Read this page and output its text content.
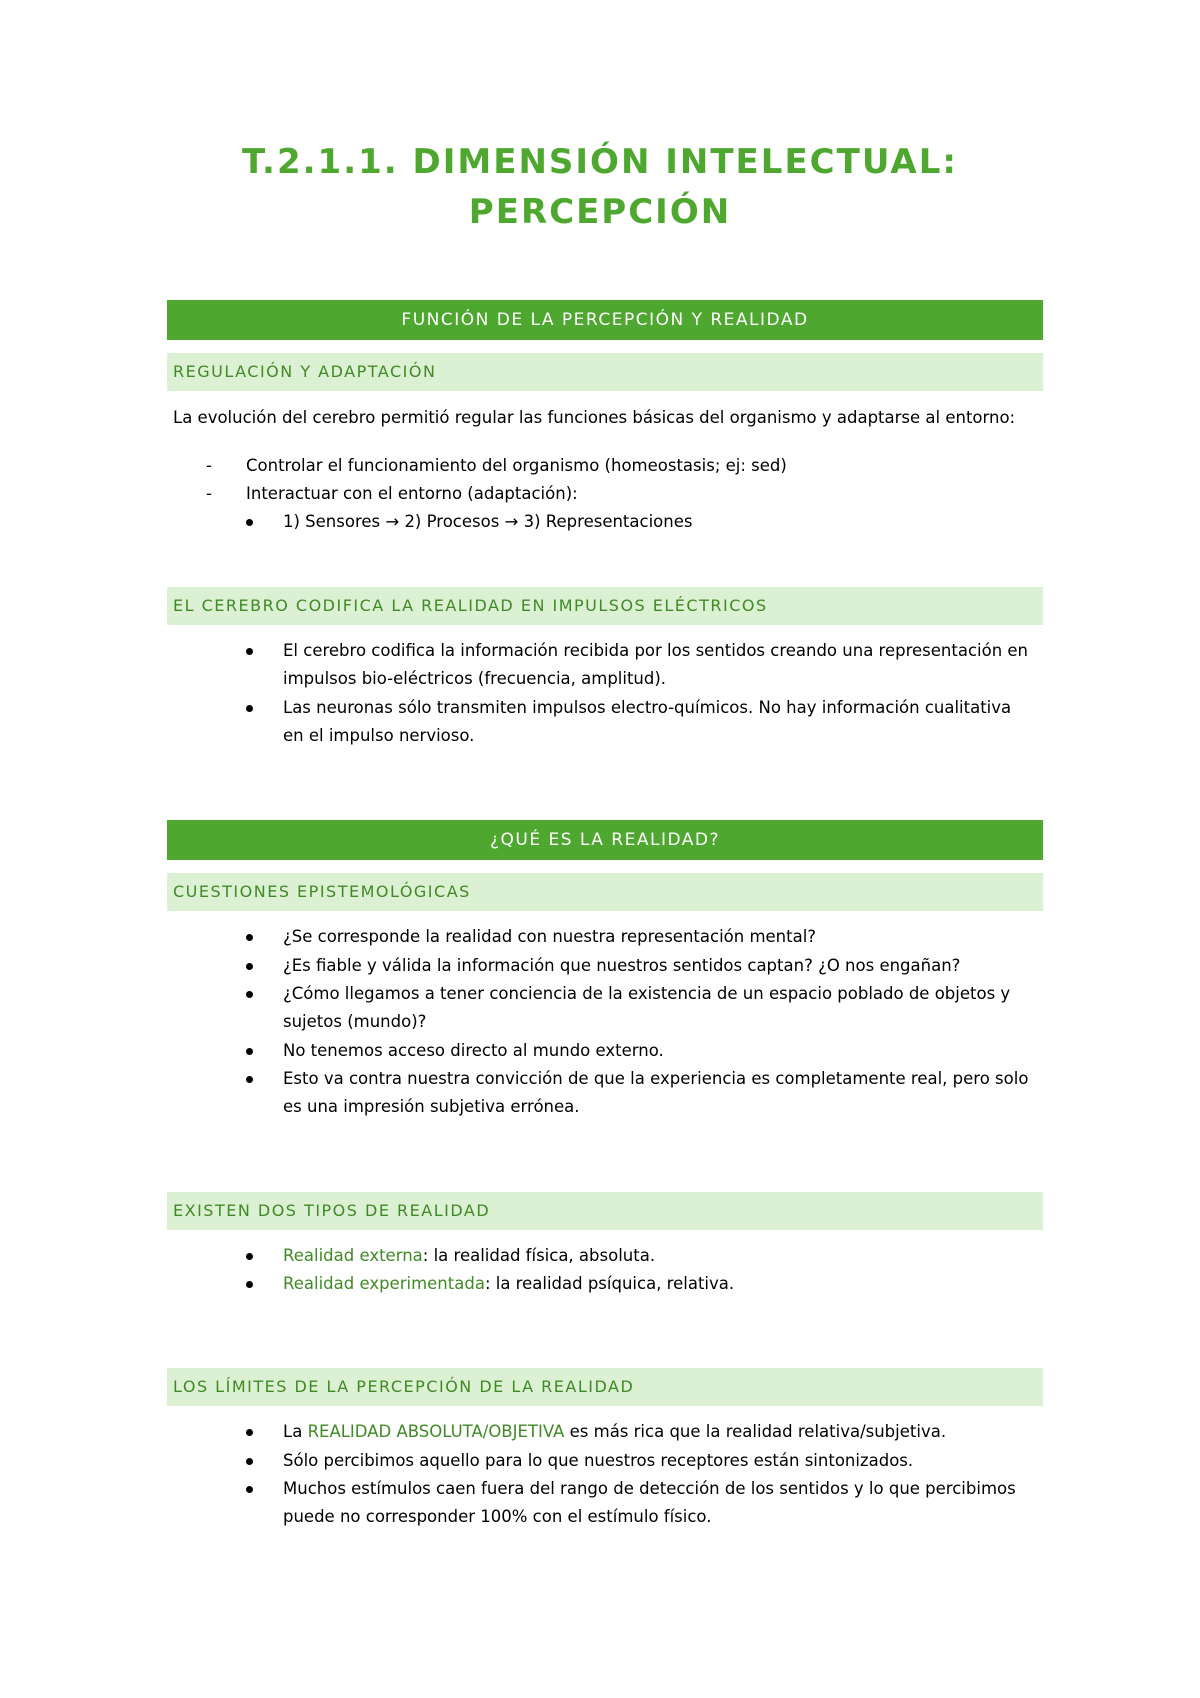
T.2.1.1. DIMENSIÓN INTELECTUAL:
PERCEPCIÓN
FUNCIÓN DE LA PERCEPCIÓN Y REALIDAD
REGULACIÓN Y ADAPTACIÓN
La evolución del cerebro permitió regular las funciones básicas del organismo y adaptarse al entorno:
- Controlar el funcionamiento del organismo (homeostasis; ej: sed)
- Interactuar con el entorno (adaptación):
1) Sensores → 2) Procesos → 3) Representaciones
EL CEREBRO CODIFICA LA REALIDAD EN IMPULSOS ELÉCTRICOS
El cerebro codifica la información recibida por los sentidos creando una representación en
impulsos bio-eléctricos (frecuencia, amplitud).
Las neuronas sólo transmiten impulsos electro-químicos. No hay información cualitativa
en el impulso nervioso.
¿QUÉ ES LA REALIDAD?
CUESTIONES EPISTEMOLÓGICAS
¿Se corresponde la realidad con nuestra representación mental?
¿Es fiable y válida la información que nuestros sentidos captan? ¿O nos engañan?
¿Cómo llegamos a tener conciencia de la existencia de un espacio poblado de objetos y
sujetos (mundo)?
No tenemos acceso directo al mundo externo.
Esto va contra nuestra convicción de que la experiencia es completamente real, pero solo
es una impresión subjetiva errónea.
EXISTEN DOS TIPOS DE REALIDAD
Realidad externa: la realidad física, absoluta.
Realidad experimentada: la realidad psíquica, relativa.
LOS LÍMITES DE LA PERCEPCIÓN DE LA REALIDAD
La REALIDAD ABSOLUTA/OBJETIVA es más rica que la realidad relativa/subjetiva.
Sólo percibimos aquello para lo que nuestros receptores están sintonizados.
Muchos estímulos caen fuera del rango de detección de los sentidos y lo que percibimos
puede no corresponder 100% con el estímulo físico.
